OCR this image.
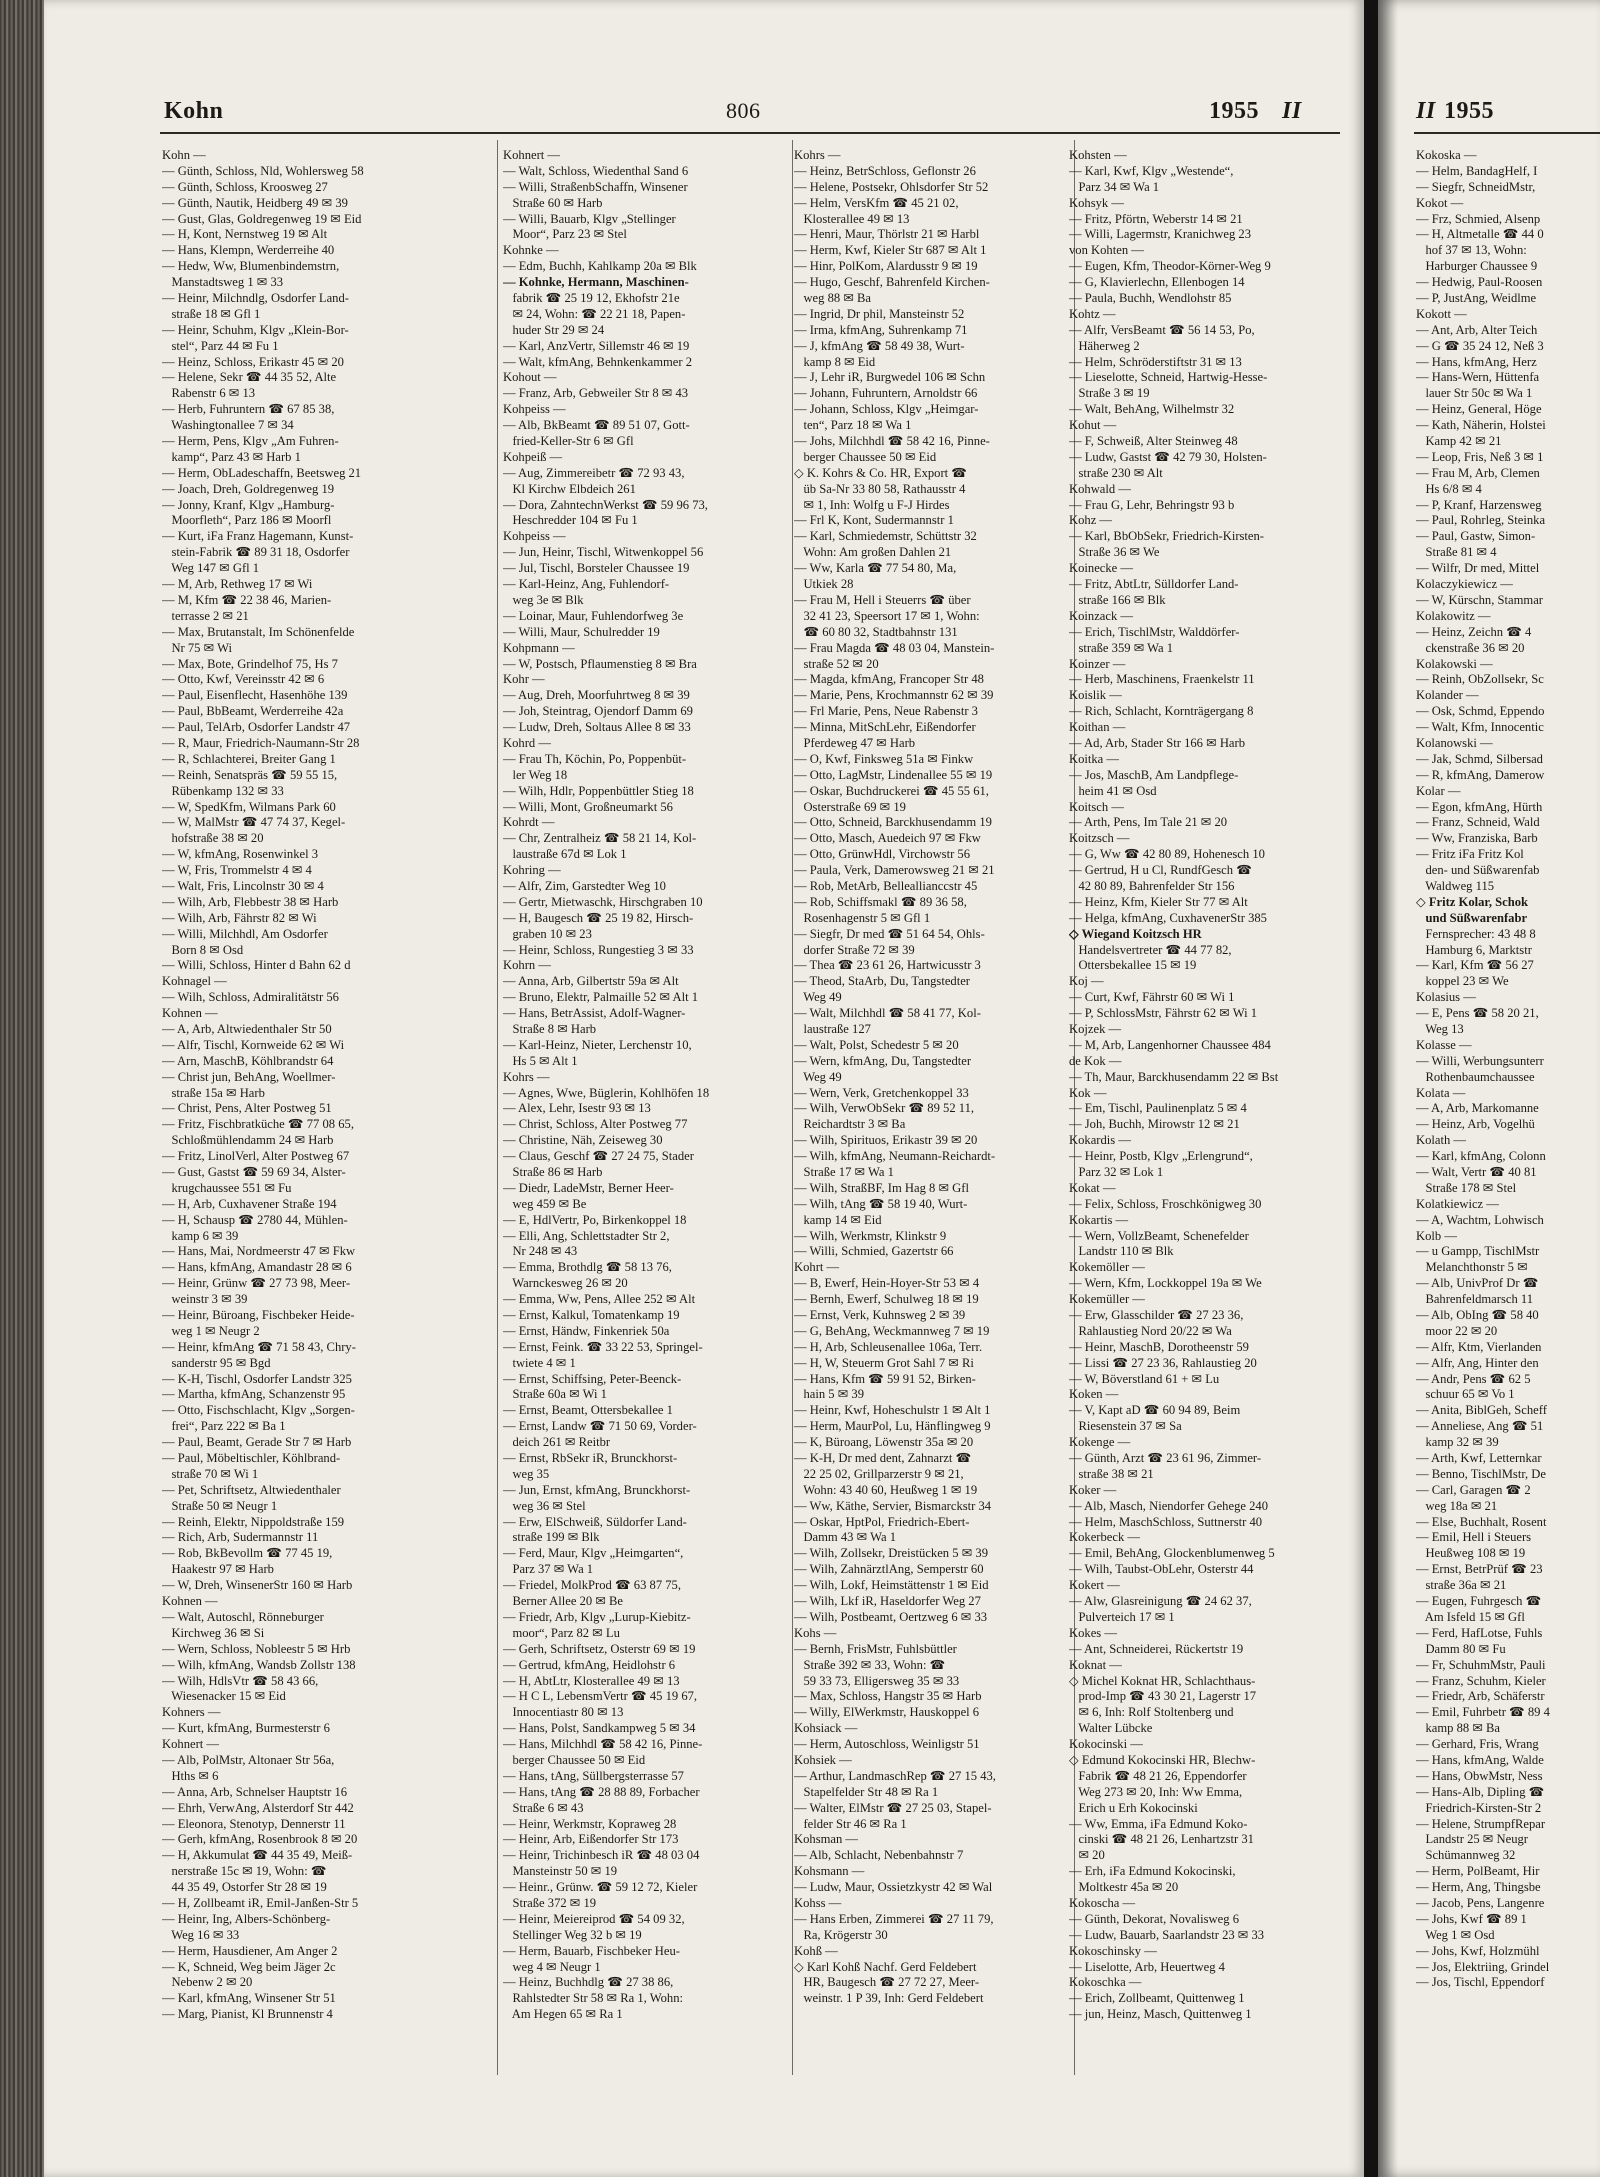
Kohn	806	1955 II
Kohn —
— Günth, Schloss, Nld, Wohlersweg 58
— Günth, Schloss, Kroosweg 27
— Günth, Nautik, Heidberg 49 ✉ 39
— Gust, Glas, Goldregenweg 19 ✉ Eid
— H, Kont, Nernstweg 19 ✉ Alt
— Hans, Klempn, Werderreihe 40
— Hedw, Ww, Blumenbindemstrn,
Manstadtsweg 1 ✉ 33
— Heinr, Milchndlg, Osdorfer Land-
straße 18 ✉ Gfl 1
— Heinr, Schuhm, Klgv „Klein-Bor-
stel“, Parz 44 ✉ Fu 1
— Heinz, Schloss, Erikastr 45 ✉ 20
— Helene, Sekr ☎ 44 35 52, Alte
Rabenstr 6 ✉ 13
— Herb, Fuhruntern ☎ 67 85 38,
Washingtonallee 7 ✉ 34
— Herm, Pens, Klgv „Am Fuhren-
kamp“, Parz 43 ✉ Harb 1
— Herm, ObLadeschaffn, Beetsweg 21
— Joach, Dreh, Goldregenweg 19
— Jonny, Kranf, Klgv „Hamburg-
Moorfleth“, Parz 186 ✉ Moorfl
— Kurt, iFa Franz Hagemann, Kunst-
stein-Fabrik ☎ 89 31 18, Osdorfer
Weg 147 ✉ Gfl 1
— M, Arb, Rethweg 17 ✉ Wi
— M, Kfm ☎ 22 38 46, Marien-
terrasse 2 ✉ 21
— Max, Brutanstalt, Im Schönenfelde
Nr 75 ✉ Wi
— Max, Bote, Grindelhof 75, Hs 7
— Otto, Kwf, Vereinsstr 42 ✉ 6
— Paul, Eisenflecht, Hasenhöhe 139
— Paul, BbBeamt, Werderreihe 42a
— Paul, TelArb, Osdorfer Landstr 47
— R, Maur, Friedrich-Naumann-Str 28
— R, Schlachterei, Breiter Gang 1
— Reinh, Senatspräs ☎ 59 55 15,
Rübenkamp 132 ✉ 33
— W, SpedKfm, Wilmans Park 60
— W, MalMstr ☎ 47 74 37, Kegel-
hofstraße 38 ✉ 20
— W, kfmAng, Rosenwinkel 3
— W, Fris, Trommelstr 4 ✉ 4
— Walt, Fris, Lincolnstr 30 ✉ 4
— Wilh, Arb, Flebbestr 38 ✉ Harb
— Wilh, Arb, Fährstr 82 ✉ Wi
— Willi, Milchhdl, Am Osdorfer
Born 8 ✉ Osd
— Willi, Schloss, Hinter d Bahn 62 d
Kohnagel —
— Wilh, Schloss, Admiralitätstr 56
Kohnen —
— A, Arb, Altwiedenthaler Str 50
— Alfr, Tischl, Kornweide 62 ✉ Wi
— Arn, MaschB, Köhlbrandstr 64
— Christ jun, BehAng, Woellmer-
straße 15a ✉ Harb
— Christ, Pens, Alter Postweg 51
— Fritz, Fischbratküche ☎ 77 08 65,
Schloßmühlendamm 24 ✉ Harb
— Fritz, LinolVerl, Alter Postweg 67
— Gust, Gastst ☎ 59 69 34, Alster-
krugchaussee 551 ✉ Fu
— H, Arb, Cuxhavener Straße 194
— H, Schausp ☎ 2780 44, Mühlen-
kamp 6 ✉ 39
— Hans, Mai, Nordmeerstr 47 ✉ Fkw
— Hans, kfmAng, Amandastr 28 ✉ 6
— Heinr, Grünw ☎ 27 73 98, Meer-
weinstr 3 ✉ 39
— Heinr, Büroang, Fischbeker Heide-
weg 1 ✉ Neugr 2
— Heinr, kfmAng ☎ 71 58 43, Chry-
sanderstr 95 ✉ Bgd
— K-H, Tischl, Osdorfer Landstr 325
— Martha, kfmAng, Schanzenstr 95
— Otto, Fischschlacht, Klgv „Sorgen-
frei“, Parz 222 ✉ Ba 1
— Paul, Beamt, Gerade Str 7 ✉ Harb
— Paul, Möbeltischler, Köhlbrand-
straße 70 ✉ Wi 1
— Pet, Schriftsetz, Altwiedenthaler
Straße 50 ✉ Neugr 1
— Reinh, Elektr, Nippoldstraße 159
— Rich, Arb, Sudermannstr 11
— Rob, BkBevollm ☎ 77 45 19,
Haakestr 97 ✉ Harb
— W, Dreh, WinsenerStr 160 ✉ Harb
Kohnen —
— Walt, Autoschl, Rönneburger
Kirchweg 36 ✉ Si
— Wern, Schloss, Nobleestr 5 ✉ Hrb
— Wilh, kfmAng, Wandsb Zollstr 138
— Wilh, HdlsVtr ☎ 58 43 66,
Wiesenacker 15 ✉ Eid
Kohners —
— Kurt, kfmAng, Burmesterstr 6
Kohnert —
— Alb, PolMstr, Altonaer Str 56a,
Hths ✉ 6
— Anna, Arb, Schnelser Hauptstr 16
— Ehrh, VerwAng, Alsterdorf Str 442
— Eleonora, Stenotyp, Dennerstr 11
— Gerh, kfmAng, Rosenbrook 8 ✉ 20
— H, Akkumulat ☎ 44 35 49, Meiß-
nerstraße 15c ✉ 19, Wohn: ☎
44 35 49, Ostorfer Str 28 ✉ 19
— H, Zollbeamt iR, Emil-Janßen-Str 5
— Heinr, Ing, Albers-Schönberg-
Weg 16 ✉ 33
— Herm, Hausdiener, Am Anger 2
— K, Schneid, Weg beim Jäger 2c
Nebenw 2 ✉ 20
— Karl, kfmAng, Winsener Str 51
— Marg, Pianist, Kl Brunnenstr 4
Kohnert —
— Walt, Schloss, Wiedenthal Sand 6
— Willi, StraßenbSchaffn, Winsener
Straße 60 ✉ Harb
— Willi, Bauarb, Klgv „Stellinger
Moor“, Parz 23 ✉ Stel
Kohnke —
— Edm, Buchh, Kahlkamp 20a ✉ Blk
— Kohnke, Hermann, Maschinen-
fabrik ☎ 25 19 12, Ekhofstr 21e
✉ 24, Wohn: ☎ 22 21 18, Papen-
huder Str 29 ✉ 24
— Karl, AnzVertr, Sillemstr 46 ✉ 19
— Walt, kfmAng, Behnkenkammer 2
Kohout —
— Franz, Arb, Gebweiler Str 8 ✉ 43
Kohpeiss —
— Alb, BkBeamt ☎ 89 51 07, Gott-
fried-Keller-Str 6 ✉ Gfl
Kohpeiß —
— Aug, Zimmereibetr ☎ 72 93 43,
Kl Kirchw Elbdeich 261
— Dora, ZahntechnWerkst ☎ 59 96 73,
Heschredder 104 ✉ Fu 1
Kohpeiss —
— Jun, Heinr, Tischl, Witwenkoppel 56
— Jul, Tischl, Borsteler Chaussee 19
— Karl-Heinz, Ang, Fuhlendorf-
weg 3e ✉ Blk
— Loinar, Maur, Fuhlendorfweg 3e
— Willi, Maur, Schulredder 19
Kohpmann —
— W, Postsch, Pflaumenstieg 8 ✉ Bra
Kohr —
— Aug, Dreh, Moorfuhrtweg 8 ✉ 39
— Joh, Steintrag, Ojendorf Damm 69
— Ludw, Dreh, Soltaus Allee 8 ✉ 33
Kohrd —
— Frau Th, Köchin, Po, Poppenbüt-
ler Weg 18
— Wilh, Hdlr, Poppenbüttler Stieg 18
— Willi, Mont, Großneumarkt 56
Kohrdt —
— Chr, Zentralheiz ☎ 58 21 14, Kol-
laustraße 67d ✉ Lok 1
Kohring —
— Alfr, Zim, Garstedter Weg 10
— Gertr, Mietwaschk, Hirschgraben 10
— H, Baugesch ☎ 25 19 82, Hirsch-
graben 10 ✉ 23
— Heinr, Schloss, Rungestieg 3 ✉ 33
Kohrn —
— Anna, Arb, Gilbertstr 59a ✉ Alt
— Bruno, Elektr, Palmaille 52 ✉ Alt 1
— Hans, BetrAssist, Adolf-Wagner-
Straße 8 ✉ Harb
— Karl-Heinz, Nieter, Lerchenstr 10,
Hs 5 ✉ Alt 1
Kohrs —
— Agnes, Wwe, Büglerin, Kohlhöfen 18
— Alex, Lehr, Isestr 93 ✉ 13
— Christ, Schloss, Alter Postweg 77
— Christine, Näh, Zeiseweg 30
— Claus, Geschf ☎ 27 24 75, Stader
Straße 86 ✉ Harb
— Diedr, LadeMstr, Berner Heer-
weg 459 ✉ Be
— E, HdlVertr, Po, Birkenkoppel 18
— Elli, Ang, Schlettstadter Str 2,
Nr 248 ✉ 43
— Emma, Brothdlg ☎ 58 13 76,
Warnckesweg 26 ✉ 20
— Emma, Ww, Pens, Allee 252 ✉ Alt
— Ernst, Kalkul, Tomatenkamp 19
— Ernst, Händw, Finkenriek 50a
— Ernst, Feink. ☎ 33 22 53, Springel-
twiete 4 ✉ 1
— Ernst, Schiffsing, Peter-Beenck-
Straße 60a ✉ Wi 1
— Ernst, Beamt, Ottersbekallee 1
— Ernst, Landw ☎ 71 50 69, Vorder-
deich 261 ✉ Reitbr
— Ernst, RbSekr iR, Brunckhorst-
weg 35
— Jun, Ernst, kfmAng, Brunckhorst-
weg 36 ✉ Stel
— Erw, ElSchweiß, Süldorfer Land-
straße 199 ✉ Blk
— Ferd, Maur, Klgv „Heimgarten“,
Parz 37 ✉ Wa 1
— Friedel, MolkProd ☎ 63 87 75,
Berner Allee 20 ✉ Be
— Friedr, Arb, Klgv „Lurup-Kiebitz-
moor“, Parz 82 ✉ Lu
— Gerh, Schriftsetz, Osterstr 69 ✉ 19
— Gertrud, kfmAng, Heidlohstr 6
— H, AbtLtr, Klosterallee 49 ✉ 13
— H C L, LebensmVertr ☎ 45 19 67,
Innocentiastr 80 ✉ 13
— Hans, Polst, Sandkampweg 5 ✉ 34
— Hans, Milchhdl ☎ 58 42 16, Pinne-
berger Chaussee 50 ✉ Eid
— Hans, tAng, Süllbergsterrasse 57
— Hans, tAng ☎ 28 88 89, Forbacher
Straße 6 ✉ 43
— Heinr, Werkmstr, Kopraweg 28
— Heinr, Arb, Eißendorfer Str 173
— Heinr, Trichinbesch iR ☎ 48 03 04
Mansteinstr 50 ✉ 19
— Heinr., Grünw. ☎ 59 12 72, Kieler
Straße 372 ✉ 19
— Heinr, Meiereiprod ☎ 54 09 32,
Stellinger Weg 32 b ✉ 19
— Herm, Bauarb, Fischbeker Heu-
weg 4 ✉ Neugr 1
— Heinz, Buchhdlg ☎ 27 38 86,
Rahlstedter Str 58 ✉ Ra 1, Wohn:
Am Hegen 65 ✉ Ra 1
Kohrs —
— Heinz, BetrSchloss, Geflonstr 26
— Helene, Postsekr, Ohlsdorfer Str 52
— Helm, VersKfm ☎ 45 21 02,
Klosterallee 49 ✉ 13
— Henri, Maur, Thörlstr 21 ✉ Harbl
— Herm, Kwf, Kieler Str 687 ✉ Alt 1
— Hinr, PolKom, Alardusstr 9 ✉ 19
— Hugo, Geschf, Bahrenfeld Kirchen-
weg 88 ✉ Ba
— Ingrid, Dr phil, Mansteinstr 52
— Irma, kfmAng, Suhrenkamp 71
— J, kfmAng ☎ 58 49 38, Wurt-
kamp 8 ✉ Eid
— J, Lehr iR, Burgwedel 106 ✉ Schn
— Johann, Fuhruntern, Arnoldstr 66
— Johann, Schloss, Klgv „Heimgar-
ten“, Parz 18 ✉ Wa 1
— Johs, Milchhdl ☎ 58 42 16, Pinne-
berger Chaussee 50 ✉ Eid
◇ K. Kohrs & Co. HR, Export ☎
üb Sa-Nr 33 80 58, Rathausstr 4
✉ 1, Inh: Wolfg u F-J Hirdes
— Frl K, Kont, Sudermannstr 1
— Karl, Schmiedemstr, Schüttstr 32
Wohn: Am großen Dahlen 21
— Ww, Karla ☎ 77 54 80, Ma,
Utkiek 28
— Frau M, Hell i Steuerrs ☎ über
32 41 23, Speersort 17 ✉ 1, Wohn:
☎ 60 80 32, Stadtbahnstr 131
— Frau Magda ☎ 48 03 04, Manstein-
straße 52 ✉ 20
— Magda, kfmAng, Francoper Str 48
— Marie, Pens, Krochmannstr 62 ✉ 39
— Frl Marie, Pens, Neue Rabenstr 3
— Minna, MitSchLehr, Eißendorfer
Pferdeweg 47 ✉ Harb
— O, Kwf, Finksweg 51a ✉ Finkw
— Otto, LagMstr, Lindenallee 55 ✉ 19
— Oskar, Buchdruckerei ☎ 45 55 61,
Osterstraße 69 ✉ 19
— Otto, Schneid, Barckhusendamm 19
— Otto, Masch, Auedeich 97 ✉ Fkw
— Otto, GrünwHdl, Virchowstr 56
— Paula, Verk, Damerowsweg 21 ✉ 21
— Rob, MetArb, Belleallianccstr 45
— Rob, Schiffsmakl ☎ 89 36 58,
Rosenhagenstr 5 ✉ Gfl 1
— Siegfr, Dr med ☎ 51 64 54, Ohls-
dorfer Straße 72 ✉ 39
— Thea ☎ 23 61 26, Hartwicusstr 3
— Theod, StaArb, Du, Tangstedter
Weg 49
— Walt, Milchhdl ☎ 58 41 77, Kol-
laustraße 127
— Walt, Polst, Schedestr 5 ✉ 20
— Wern, kfmAng, Du, Tangstedter
Weg 49
— Wern, Verk, Gretchenkoppel 33
— Wilh, VerwObSekr ☎ 89 52 11,
Reichardtstr 3 ✉ Ba
— Wilh, Spirituos, Erikastr 39 ✉ 20
— Wilh, kfmAng, Neumann-Reichardt-
Straße 17 ✉ Wa 1
— Wilh, StraßBF, Im Hag 8 ✉ Gfl
— Wilh, tAng ☎ 58 19 40, Wurt-
kamp 14 ✉ Eid
— Wilh, Werkmstr, Klinkstr 9
— Willi, Schmied, Gazertstr 66
Kohrt —
— B, Ewerf, Hein-Hoyer-Str 53 ✉ 4
— Bernh, Ewerf, Schulweg 18 ✉ 19
— Ernst, Verk, Kuhnsweg 2 ✉ 39
— G, BehAng, Weckmannweg 7 ✉ 19
— H, Arb, Schleusenallee 106a, Terr.
— H, W, Steuerm Grot Sahl 7 ✉ Ri
— Hans, Kfm ☎ 59 91 52, Birken-
hain 5 ✉ 39
— Heinr, Kwf, Hoheschulstr 1 ✉ Alt 1
— Herm, MaurPol, Lu, Hänflingweg 9
— K, Büroang, Löwenstr 35a ✉ 20
— K-H, Dr med dent, Zahnarzt ☎
22 25 02, Grillparzerstr 9 ✉ 21,
Wohn: 43 40 60, Heußweg 1 ✉ 19
— Ww, Käthe, Servier, Bismarckstr 34
— Oskar, HptPol, Friedrich-Ebert-
Damm 43 ✉ Wa 1
— Wilh, Zollsekr, Dreistücken 5 ✉ 39
— Wilh, ZahnärztlAng, Semperstr 60
— Wilh, Lokf, Heimstättenstr 1 ✉ Eid
— Wilh, Lkf iR, Haseldorfer Weg 27
— Wilh, Postbeamt, Oertzweg 6 ✉ 33
Kohs —
— Bernh, FrisMstr, Fuhlsbüttler
Straße 392 ✉ 33, Wohn: ☎
59 33 73, Elligersweg 35 ✉ 33
— Max, Schloss, Hangstr 35 ✉ Harb
— Willy, ElWerkmstr, Hauskoppel 6
Kohsiack —
— Herm, Autoschloss, Weinligstr 51
Kohsiek —
— Arthur, LandmaschRep ☎ 27 15 43,
Stapelfelder Str 48 ✉ Ra 1
— Walter, ElMstr ☎ 27 25 03, Stapel-
felder Str 46 ✉ Ra 1
Kohsman —
— Alb, Schlacht, Nebenbahnstr 7
Kohsmann —
— Ludw, Maur, Ossietzkystr 42 ✉ Wal
Kohss —
— Hans Erben, Zimmerei ☎ 27 11 79,
Ra, Krögerstr 30
Kohß —
◇ Karl Kohß Nachf. Gerd Feldebert
HR, Baugesch ☎ 27 72 27, Meer-
weinstr. 1 P 39, Inh: Gerd Feldebert
Kohsten —
— Karl, Kwf, Klgv „Westende“,
Parz 34 ✉ Wa 1
Kohsyk —
— Fritz, Pförtn, Weberstr 14 ✉ 21
— Willi, Lagermstr, Kranichweg 23
von Kohten —
— Eugen, Kfm, Theodor-Körner-Weg 9
— G, Klavierlechn, Ellenbogen 14
— Paula, Buchh, Wendlohstr 85
Kohtz —
— Alfr, VersBeamt ☎ 56 14 53, Po,
Häherweg 2
— Helm, Schröderstiftstr 31 ✉ 13
— Lieselotte, Schneid, Hartwig-Hesse-
Straße 3 ✉ 19
— Walt, BehAng, Wilhelmstr 32
Kohut —
— F, Schweiß, Alter Steinweg 48
— Ludw, Gastst ☎ 42 79 30, Holsten-
straße 230 ✉ Alt
Kohwald —
— Frau G, Lehr, Behringstr 93 b
Kohz —
— Karl, BbObSekr, Friedrich-Kirsten-
Straße 36 ✉ We
Koinecke —
— Fritz, AbtLtr, Sülldorfer Land-
straße 166 ✉ Blk
Koinzack —
— Erich, TischlMstr, Walddörfer-
straße 359 ✉ Wa 1
Koinzer —
— Herb, Maschinens, Fraenkelstr 11
Koislik —
— Rich, Schlacht, Kornträgergang 8
Koithan —
— Ad, Arb, Stader Str 166 ✉ Harb
Koitka —
— Jos, MaschB, Am Landpflege-
heim 41 ✉ Osd
Koitsch —
— Arth, Pens, Im Tale 21 ✉ 20
Koitzsch —
— G, Ww ☎ 42 80 89, Hohenesch 10
— Gertrud, H u Cl, RundfGesch ☎
42 80 89, Bahrenfelder Str 156
— Heinz, Kfm, Kieler Str 77 ✉ Alt
— Helga, kfmAng, CuxhavenerStr 385
◇ Wiegand Koitzsch HR
Handelsvertreter ☎ 44 77 82,
Ottersbekallee 15 ✉ 19
Koj —
— Curt, Kwf, Fährstr 60 ✉ Wi 1
— P, SchlossMstr, Fährstr 62 ✉ Wi 1
Kojzek —
— M, Arb, Langenhorner Chaussee 484
de Kok —
— Th, Maur, Barckhusendamm 22 ✉ Bst
Kok —
— Em, Tischl, Paulinenplatz 5 ✉ 4
— Joh, Buchh, Mirowstr 12 ✉ 21
Kokardis —
— Heinr, Postb, Klgv „Erlengrund“,
Parz 32 ✉ Lok 1
Kokat —
— Felix, Schloss, Froschkönigweg 30
Kokartis —
— Wern, VollzBeamt, Schenefelder
Landstr 110 ✉ Blk
Kokemöller —
— Wern, Kfm, Lockkoppel 19a ✉ We
Kokemüller —
— Erw, Glasschilder ☎ 27 23 36,
Rahlaustieg Nord 20/22 ✉ Wa
— Heinr, MaschB, Dorotheenstr 59
— Lissi ☎ 27 23 36, Rahlaustieg 20
— W, Böverstland 61 + ✉ Lu
Koken —
— V, Kapt aD ☎ 60 94 89, Beim
Riesenstein 37 ✉ Sa
Kokenge —
— Günth, Arzt ☎ 23 61 96, Zimmer-
straße 38 ✉ 21
Koker —
— Alb, Masch, Niendorfer Gehege 240
— Helm, MaschSchloss, Suttnerstr 40
Kokerbeck —
— Emil, BehAng, Glockenblumenweg 5
— Wilh, Taubst-ObLehr, Osterstr 44
Kokert —
— Alw, Glasreinigung ☎ 24 62 37,
Pulverteich 17 ✉ 1
Kokes —
— Ant, Schneiderei, Rückertstr 19
Koknat —
◇ Michel Koknat HR, Schlachthaus-
prod-Imp ☎ 43 30 21, Lagerstr 17
✉ 6, Inh: Rolf Stoltenberg und
Walter Lübcke
Kokocinski —
◇ Edmund Kokocinski HR, Blechw-
Fabrik ☎ 48 21 26, Eppendorfer
Weg 273 ✉ 20, Inh: Ww Emma,
Erich u Erh Kokocinski
— Ww, Emma, iFa Edmund Koko-
cinski ☎ 48 21 26, Lenhartzstr 31
✉ 20
— Erh, iFa Edmund Kokocinski,
Moltkestr 45a ✉ 20
Kokoscha —
— Günth, Dekorat, Novalisweg 6
— Ludw, Bauarb, Saarlandstr 23 ✉ 33
Kokoschinsky —
— Liselotte, Arb, Heuertweg 4
Kokoschka —
— Erich, Zollbeamt, Quittenweg 1
— jun, Heinz, Masch, Quittenweg 1
II 1955
Kokoska —
— Helm, BandagHelf, I
— Siegfr, SchneidMstr,
Kokot —
— Frz, Schmied, Alsenp
— H, Altmetalle ☎ 44 0
hof 37 ✉ 13, Wohn:
Harburger Chaussee 9
— Hedwig, Paul-Roosen
— P, JustAng, Weidlme
Kokott —
— Ant, Arb, Alter Teich
— G ☎ 35 24 12, Neß 3
— Hans, kfmAng, Herz
— Hans-Wern, Hüttenfa
lauer Str 50c ✉ Wa 1
— Heinz, General, Höge
— Kath, Näherin, Holstei
Kamp 42 ✉ 21
— Leop, Fris, Neß 3 ✉ 1
— Frau M, Arb, Clemen
Hs 6/8 ✉ 4
— P, Kranf, Harzensweg
— Paul, Rohrleg, Steinka
— Paul, Gastw, Simon-
Straße 81 ✉ 4
— Wilfr, Dr med, Mittel
Kolaczykiewicz —
— W, Kürschn, Stammar
Kolakowitz —
— Heinz, Zeichn ☎ 4
ckenstraße 36 ✉ 20
Kolakowski —
— Reinh, ObZollsekr, Sc
Kolander —
— Osk, Schmd, Eppendo
— Walt, Kfm, Innocentic
Kolanowski —
— Jak, Schmd, Silbersad
— R, kfmAng, Damerow
Kolar —
— Egon, kfmAng, Hürth
— Franz, Schneid, Wald
— Ww, Franziska, Barb
— Fritz iFa Fritz Kol
den- und Süßwarenfab
Waldweg 115
◇ Fritz Kolar, Schok
und Süßwarenfabr
Fernsprecher: 43 48 8
Hamburg 6, Marktstr
— Karl, Kfm ☎ 56 27
koppel 23 ✉ We
Kolasius —
— E, Pens ☎ 58 20 21,
Weg 13
Kolasse —
— Willi, Werbungsunterr
Rothenbaumchaussee
Kolata —
— A, Arb, Markomanne
— Heinz, Arb, Vogelhü
Kolath —
— Karl, kfmAng, Colonn
— Walt, Vertr ☎ 40 81
Straße 178 ✉ Stel
Kolatkiewicz —
— A, Wachtm, Lohwisch
Kolb —
— u Gampp, TischlMstr
Melanchthonstr 5 ✉
— Alb, UnivProf Dr ☎
Bahrenfeldmarsch 11
— Alb, ObIng ☎ 58 40
moor 22 ✉ 20
— Alfr, Ktm, Vierlanden
— Alfr, Ang, Hinter den
— Andr, Pens ☎ 62 5
schuur 65 ✉ Vo 1
— Anita, BiblGeh, Scheff
— Anneliese, Ang ☎ 51
kamp 32 ✉ 39
— Arth, Kwf, Letternkar
— Benno, TischlMstr, De
— Carl, Garagen ☎ 2
weg 18a ✉ 21
— Else, Buchhalt, Rosent
— Emil, Hell i Steuers
Heußweg 108 ✉ 19
— Ernst, BetrPrüf ☎ 23
straße 36a ✉ 21
— Eugen, Fuhrgesch ☎
Am Isfeld 15 ✉ Gfl
— Ferd, HafLotse, Fuhls
Damm 80 ✉ Fu
— Fr, SchuhmMstr, Pauli
— Franz, Schuhm, Kieler
— Friedr, Arb, Schäferstr
— Emil, Fuhrbetr ☎ 89 4
kamp 88 ✉ Ba
— Gerhard, Fris, Wrang
— Hans, kfmAng, Walde
— Hans, ObwMstr, Ness
— Hans-Alb, Dipling ☎
Friedrich-Kirsten-Str 2
— Helene, StrumpfRepar
Landstr 25 ✉ Neugr
Schümannweg 32
— Herm, PolBeamt, Hir
— Herm, Ang, Thingsbe
— Jacob, Pens, Langenre
— Johs, Kwf ☎ 89 1
Weg 1 ✉ Osd
— Johs, Kwf, Holzmühl
— Jos, Elektriing, Grindel
— Jos, Tischl, Eppendorf
